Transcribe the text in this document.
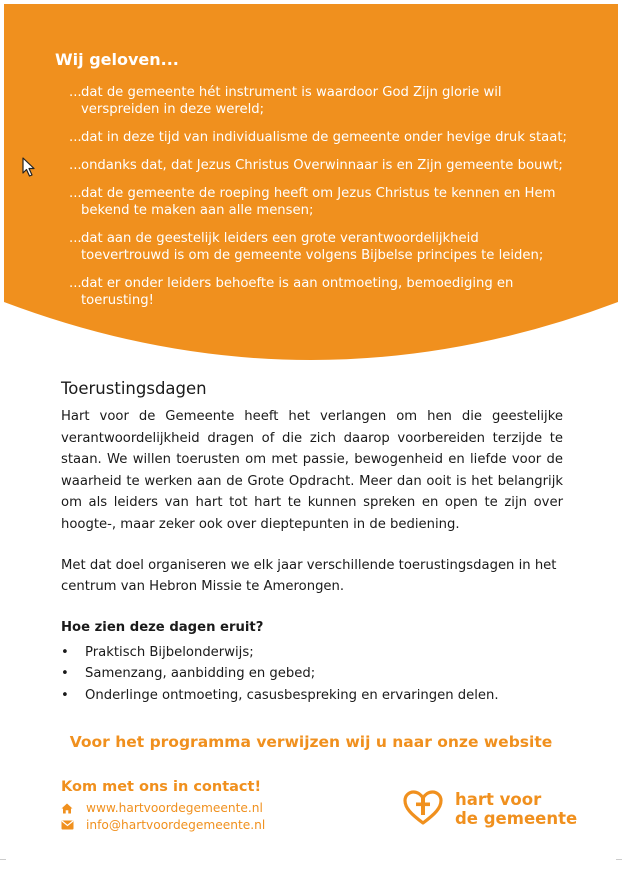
Wij geloven...
... dat de gemeente hét instrument is waardoor God Zijn glorie wil verspreiden in deze wereld;
... dat in deze tijd van individualisme de gemeente onder hevige druk staat;
... ondanks dat, dat Jezus Christus Overwinnaar is en Zijn gemeente bouwt;
... dat de gemeente de roeping heeft om Jezus Christus te kennen en Hem bekend te maken aan alle mensen;
... dat aan de geestelijk leiders een grote verantwoordelijkheid toevertrouwd is om de gemeente volgens Bijbelse principes te leiden;
... dat er onder leiders behoefte is aan ontmoeting, bemoediging en toerusting!
Toerustingsdagen

Hart voor de Gemeente heeft het verlangen om hen die geestelijke verantwoordelijkheid dragen of die zich daarop voorbereiden terzijde te staan. We willen toerusten om met passie, bewogenheid en liefde voor de waarheid te werken aan de Grote Opdracht. Meer dan ooit is het belangrijk om als leiders van hart tot hart te kunnen spreken en open te zijn over hoogte-, maar zeker ook over dieptepunten in de bediening.

Met dat doel organiseren we elk jaar verschillende toerustingsdagen in het centrum van Hebron Missie te Amerongen.

Hoe zien deze dagen eruit?
• Praktisch Bijbelonderwijs;
• Samenzang, aanbidding en gebed;
• Onderlinge ontmoeting, casusbespreking en ervaringen delen.
Voor het programma verwijzen wij u naar onze website
Kom met ons in contact!
www.hartvoordegemeente.nl
info@hartvoordegemeente.nl
hart voor
de gemeente
